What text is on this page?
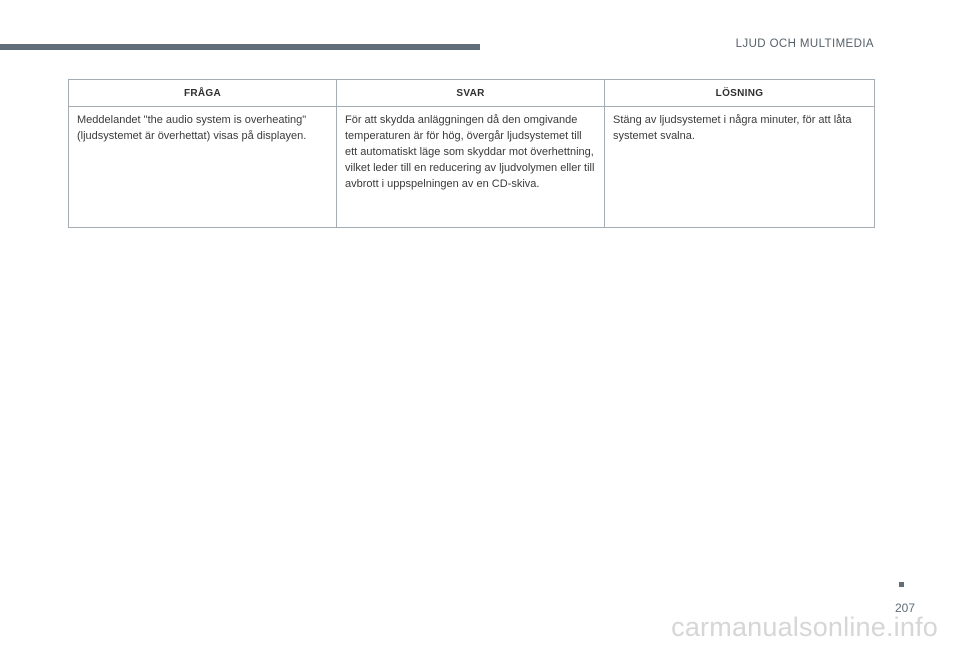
LJUD OCH MULTIMEDIA
FRÅGA	SVAR	LÖSNING
Meddelandet "the audio system is overheating" (ljudsystemet är överhettat) visas på displayen.	För att skydda anläggningen då den omgivande temperaturen är för hög, övergår ljudsystemet till ett automatiskt läge som skyddar mot överhettning, vilket leder till en reducering av ljudvolymen eller till avbrott i uppspelningen av en CD-skiva.	Stäng av ljudsystemet i några minuter, för att låta systemet svalna.
207
carmanualsonline.info
